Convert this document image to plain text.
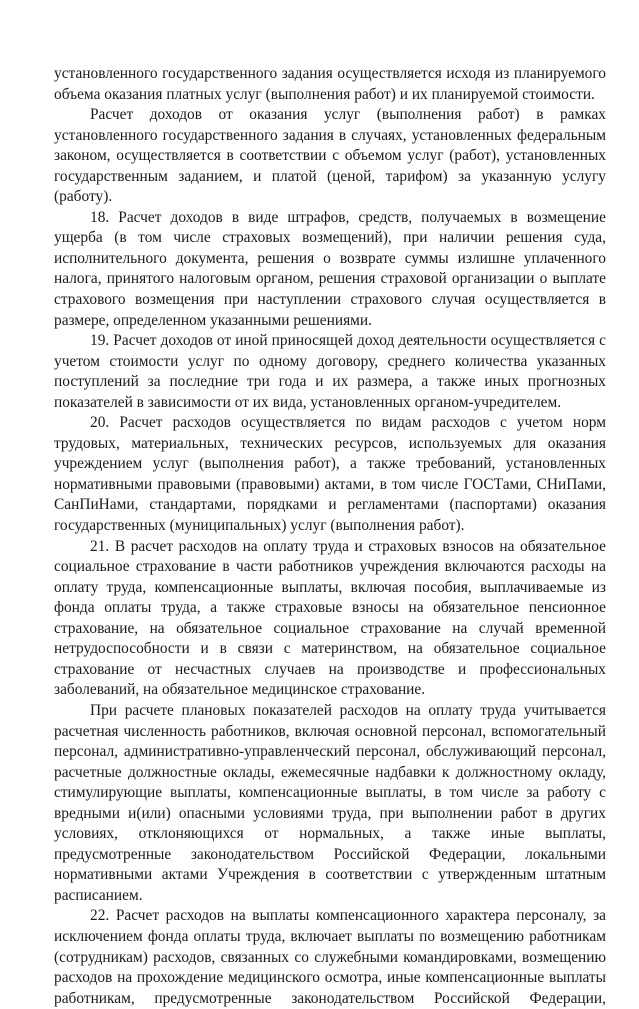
установленного государственного задания осуществляется исходя из планируемого объема оказания платных услуг (выполнения работ) и их планируемой стоимости.

Расчет доходов от оказания услуг (выполнения работ) в рамках установленного государственного задания в случаях, установленных федеральным законом, осуществляется в соответствии с объемом услуг (работ), установленных государственным заданием, и платой (ценой, тарифом) за указанную услугу (работу).

18. Расчет доходов в виде штрафов, средств, получаемых в возмещение ущерба (в том числе страховых возмещений), при наличии решения суда, исполнительного документа, решения о возврате суммы излишне уплаченного налога, принятого налоговым органом, решения страховой организации о выплате страхового возмещения при наступлении страхового случая осуществляется в размере, определенном указанными решениями.

19. Расчет доходов от иной приносящей доход деятельности осуществляется с учетом стоимости услуг по одному договору, среднего количества указанных поступлений за последние три года и их размера, а также иных прогнозных показателей в зависимости от их вида, установленных органом-учредителем.

20. Расчет расходов осуществляется по видам расходов с учетом норм трудовых, материальных, технических ресурсов, используемых для оказания учреждением услуг (выполнения работ), а также требований, установленных нормативными правовыми (правовыми) актами, в том числе ГОСТами, СНиПами, СанПиНами, стандартами, порядками и регламентами (паспортами) оказания государственных (муниципальных) услуг (выполнения работ).

21. В расчет расходов на оплату труда и страховых взносов на обязательное социальное страхование в части работников учреждения включаются расходы на оплату труда, компенсационные выплаты, включая пособия, выплачиваемые из фонда оплаты труда, а также страховые взносы на обязательное пенсионное страхование, на обязательное социальное страхование на случай временной нетрудоспособности и в связи с материнством, на обязательное социальное страхование от несчастных случаев на производстве и профессиональных заболеваний, на обязательное медицинское страхование.

При расчете плановых показателей расходов на оплату труда учитывается расчетная численность работников, включая основной персонал, вспомогательный персонал, административно-управленческий персонал, обслуживающий персонал, расчетные должностные оклады, ежемесячные надбавки к должностному окладу, стимулирующие выплаты, компенсационные выплаты, в том числе за работу с вредными и(или) опасными условиями труда, при выполнении работ в других условиях, отклоняющихся от нормальных, а также иные выплаты, предусмотренные законодательством Российской Федерации, локальными нормативными актами Учреждения в соответствии с утвержденным штатным расписанием.

22. Расчет расходов на выплаты компенсационного характера персоналу, за исключением фонда оплаты труда, включает выплаты по возмещению работникам (сотрудникам) расходов, связанных со служебными командировками, возмещению расходов на прохождение медицинского осмотра, иные компенсационные выплаты работникам, предусмотренные законодательством Российской Федерации,
